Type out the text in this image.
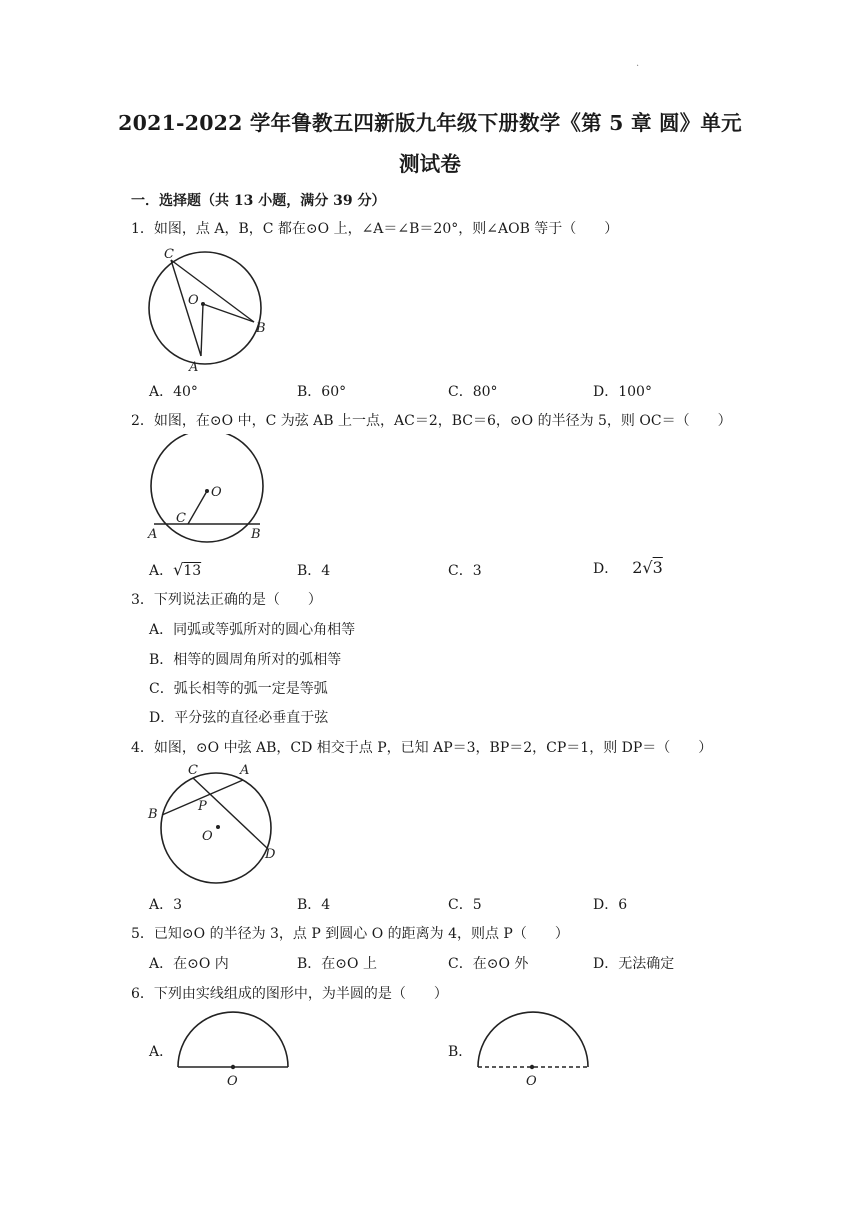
.
2021-2022 学年鲁教五四新版九年级下册数学《第 5 章 圆》单元
测试卷
一．选择题（共 13 小题，满分 39 分）
1．如图，点 A，B，C 都在⊙O 上，∠A＝∠B＝20°，则∠AOB 等于（　　）
C
O
B
A
A．40°	B．60°	C．80°	D．100°
2．如图，在⊙O 中，C 为弦 AB 上一点，AC＝2，BC＝6，⊙O 的半径为 5，则 OC＝（　　）
O
C
A	B
A．√13	B．4	C．3	D． 2√3
3．下列说法正确的是（　　）
A．同弧或等弧所对的圆心角相等
B．相等的圆周角所对的弧相等
C．弧长相等的弧一定是等弧
D．平分弦的直径必垂直于弦
4．如图，⊙O 中弦 AB，CD 相交于点 P，已知 AP＝3，BP＝2，CP＝1，则 DP＝（　　）
C	A
P
B
O
D
A．3	B．4	C．5	D．6
5．已知⊙O 的半径为 3，点 P 到圆心 O 的距离为 4，则点 P（　　）
A．在⊙O 内	B．在⊙O 上	C．在⊙O 外	D．无法确定
6．下列由实线组成的图形中，为半圆的是（　　）
A．
O
B．
O
